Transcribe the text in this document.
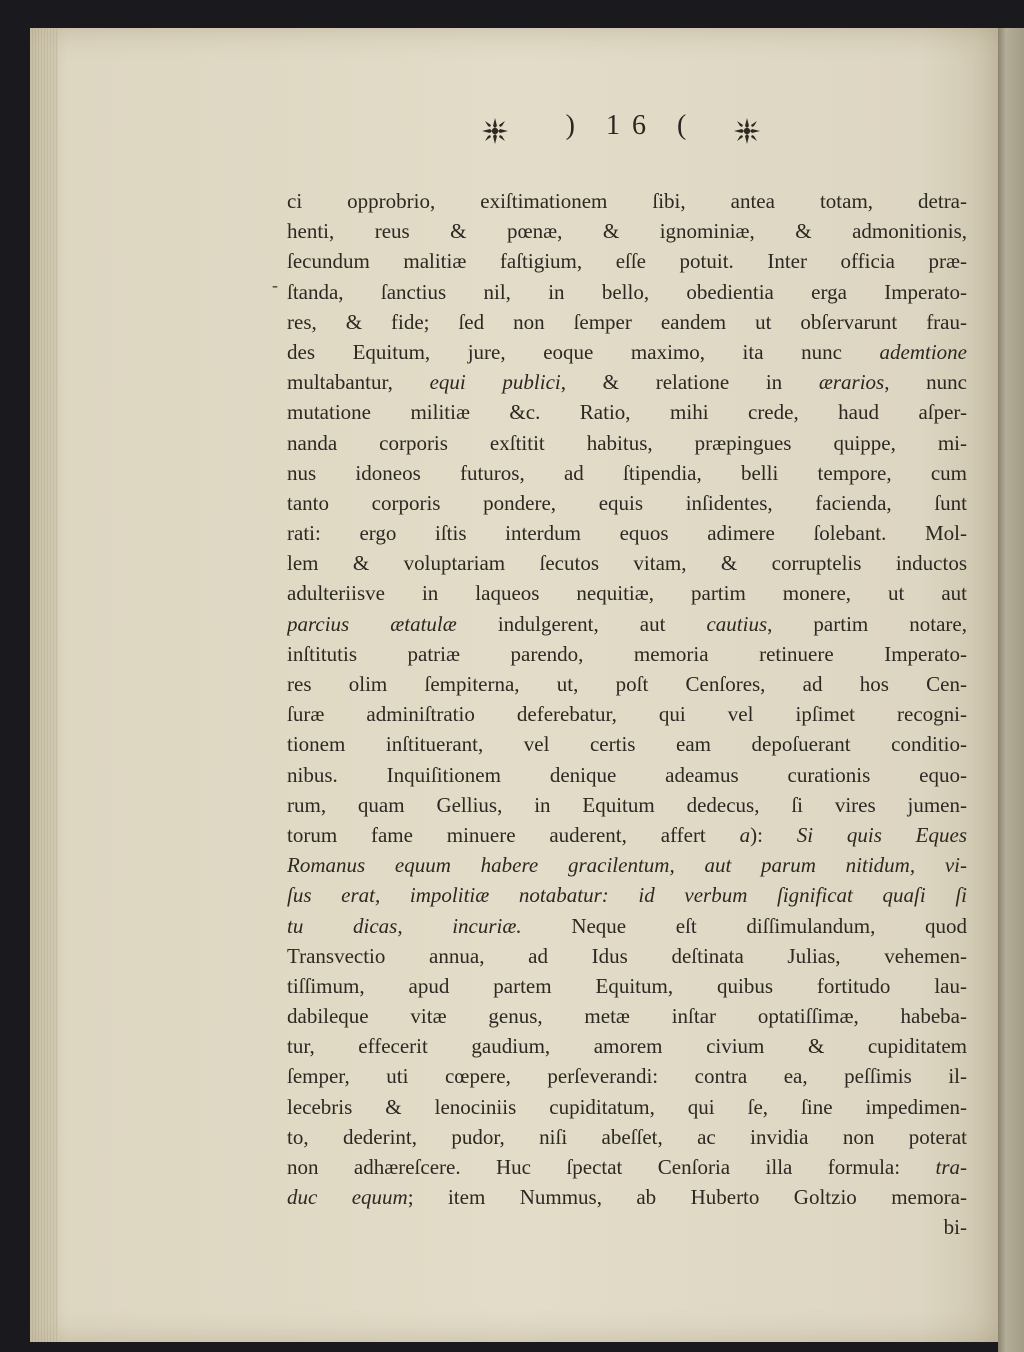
) 16 (
ci opprobrio, exiſtimationem ſibi, antea totam, detra-
henti, reus & pœnæ, & ignominiæ, & admonitionis,
ſecundum malitiæ faſtigium, eſſe potuit. Inter officia præ-
ſtanda, ſanctius nil, in bello, obedientia erga Imperato-
res, & fide; ſed non ſemper eandem ut obſervarunt frau-
des Equitum, jure, eoque maximo, ita nunc ademtione
multabantur, equi publici, & relatione in ærarios, nunc
mutatione militiæ &c. Ratio, mihi crede, haud aſper-
nanda corporis exſtitit habitus, præpingues quippe, mi-
nus idoneos futuros, ad ſtipendia, belli tempore, cum
tanto corporis pondere, equis inſidentes, facienda, ſunt
rati: ergo iſtis interdum equos adimere ſolebant. Mol-
lem & voluptariam ſecutos vitam, & corruptelis inductos
adulteriisve in laqueos nequitiæ, partim monere, ut aut
parcius ætatulæ indulgerent, aut cautius, partim notare,
inſtitutis patriæ parendo, memoria retinuere Imperato-
res olim ſempiterna, ut, poſt Cenſores, ad hos Cen-
ſuræ adminiſtratio deferebatur, qui vel ipſimet recogni-
tionem inſtituerant, vel certis eam depoſuerant conditio-
nibus. Inquiſitionem denique adeamus curationis equo-
rum, quam Gellius, in Equitum dedecus, ſi vires jumen-
torum fame minuere auderent, affert a): Si quis Eques
Romanus equum habere gracilentum, aut parum nitidum, vi-
ſus erat, impolitiæ notabatur: id verbum ſignificat quaſi ſi
tu dicas, incuriæ. Neque eſt diſſimulandum, quod
Transvectio annua, ad Idus deſtinata Julias, vehemen-
tiſſimum, apud partem Equitum, quibus fortitudo lau-
dabileque vitæ genus, metæ inſtar optatiſſimæ, habeba-
tur, effecerit gaudium, amorem civium & cupiditatem
ſemper, uti cœpere, perſeverandi: contra ea, peſſimis il-
lecebris & lenociniis cupiditatum, qui ſe, ſine impedimen-
to, dederint, pudor, niſi abeſſet, ac invidia non poterat
non adhæreſcere. Huc ſpectat Cenſoria illa formula: tra-
duc equum; item Nummus, ab Huberto Goltzio memora-
bi-
-
